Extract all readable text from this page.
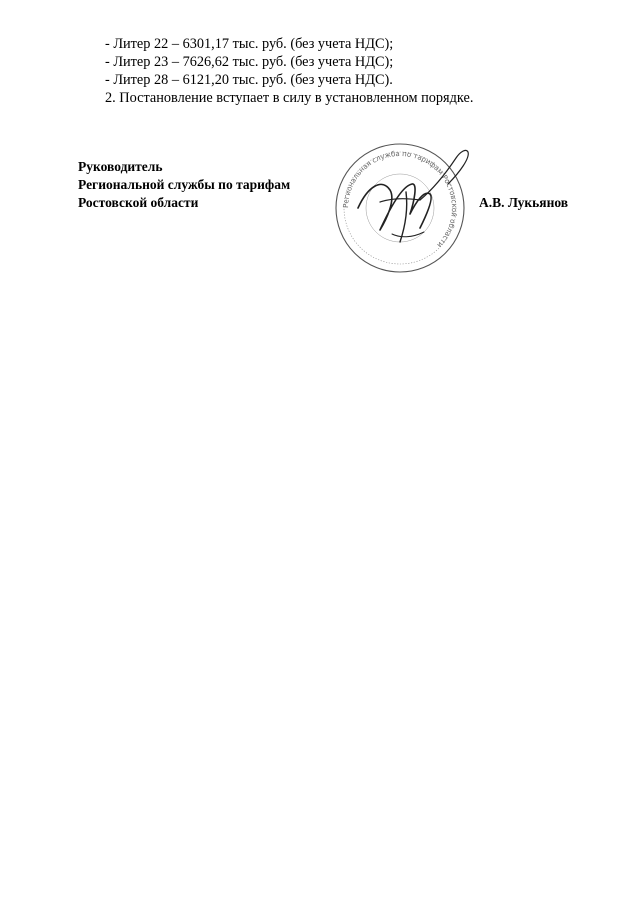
- Литер 22 – 6301,17 тыс. руб. (без учета НДС);
- Литер 23 – 7626,62 тыс. руб. (без учета НДС);
- Литер 28 – 6121,20 тыс. руб. (без учета НДС).
2. Постановление вступает в силу в установленном порядке.
Руководитель
Региональной службы по тарифам
Ростовской области	Региональная служба по тарифам Ростовской области
А.В. Лукьянов
